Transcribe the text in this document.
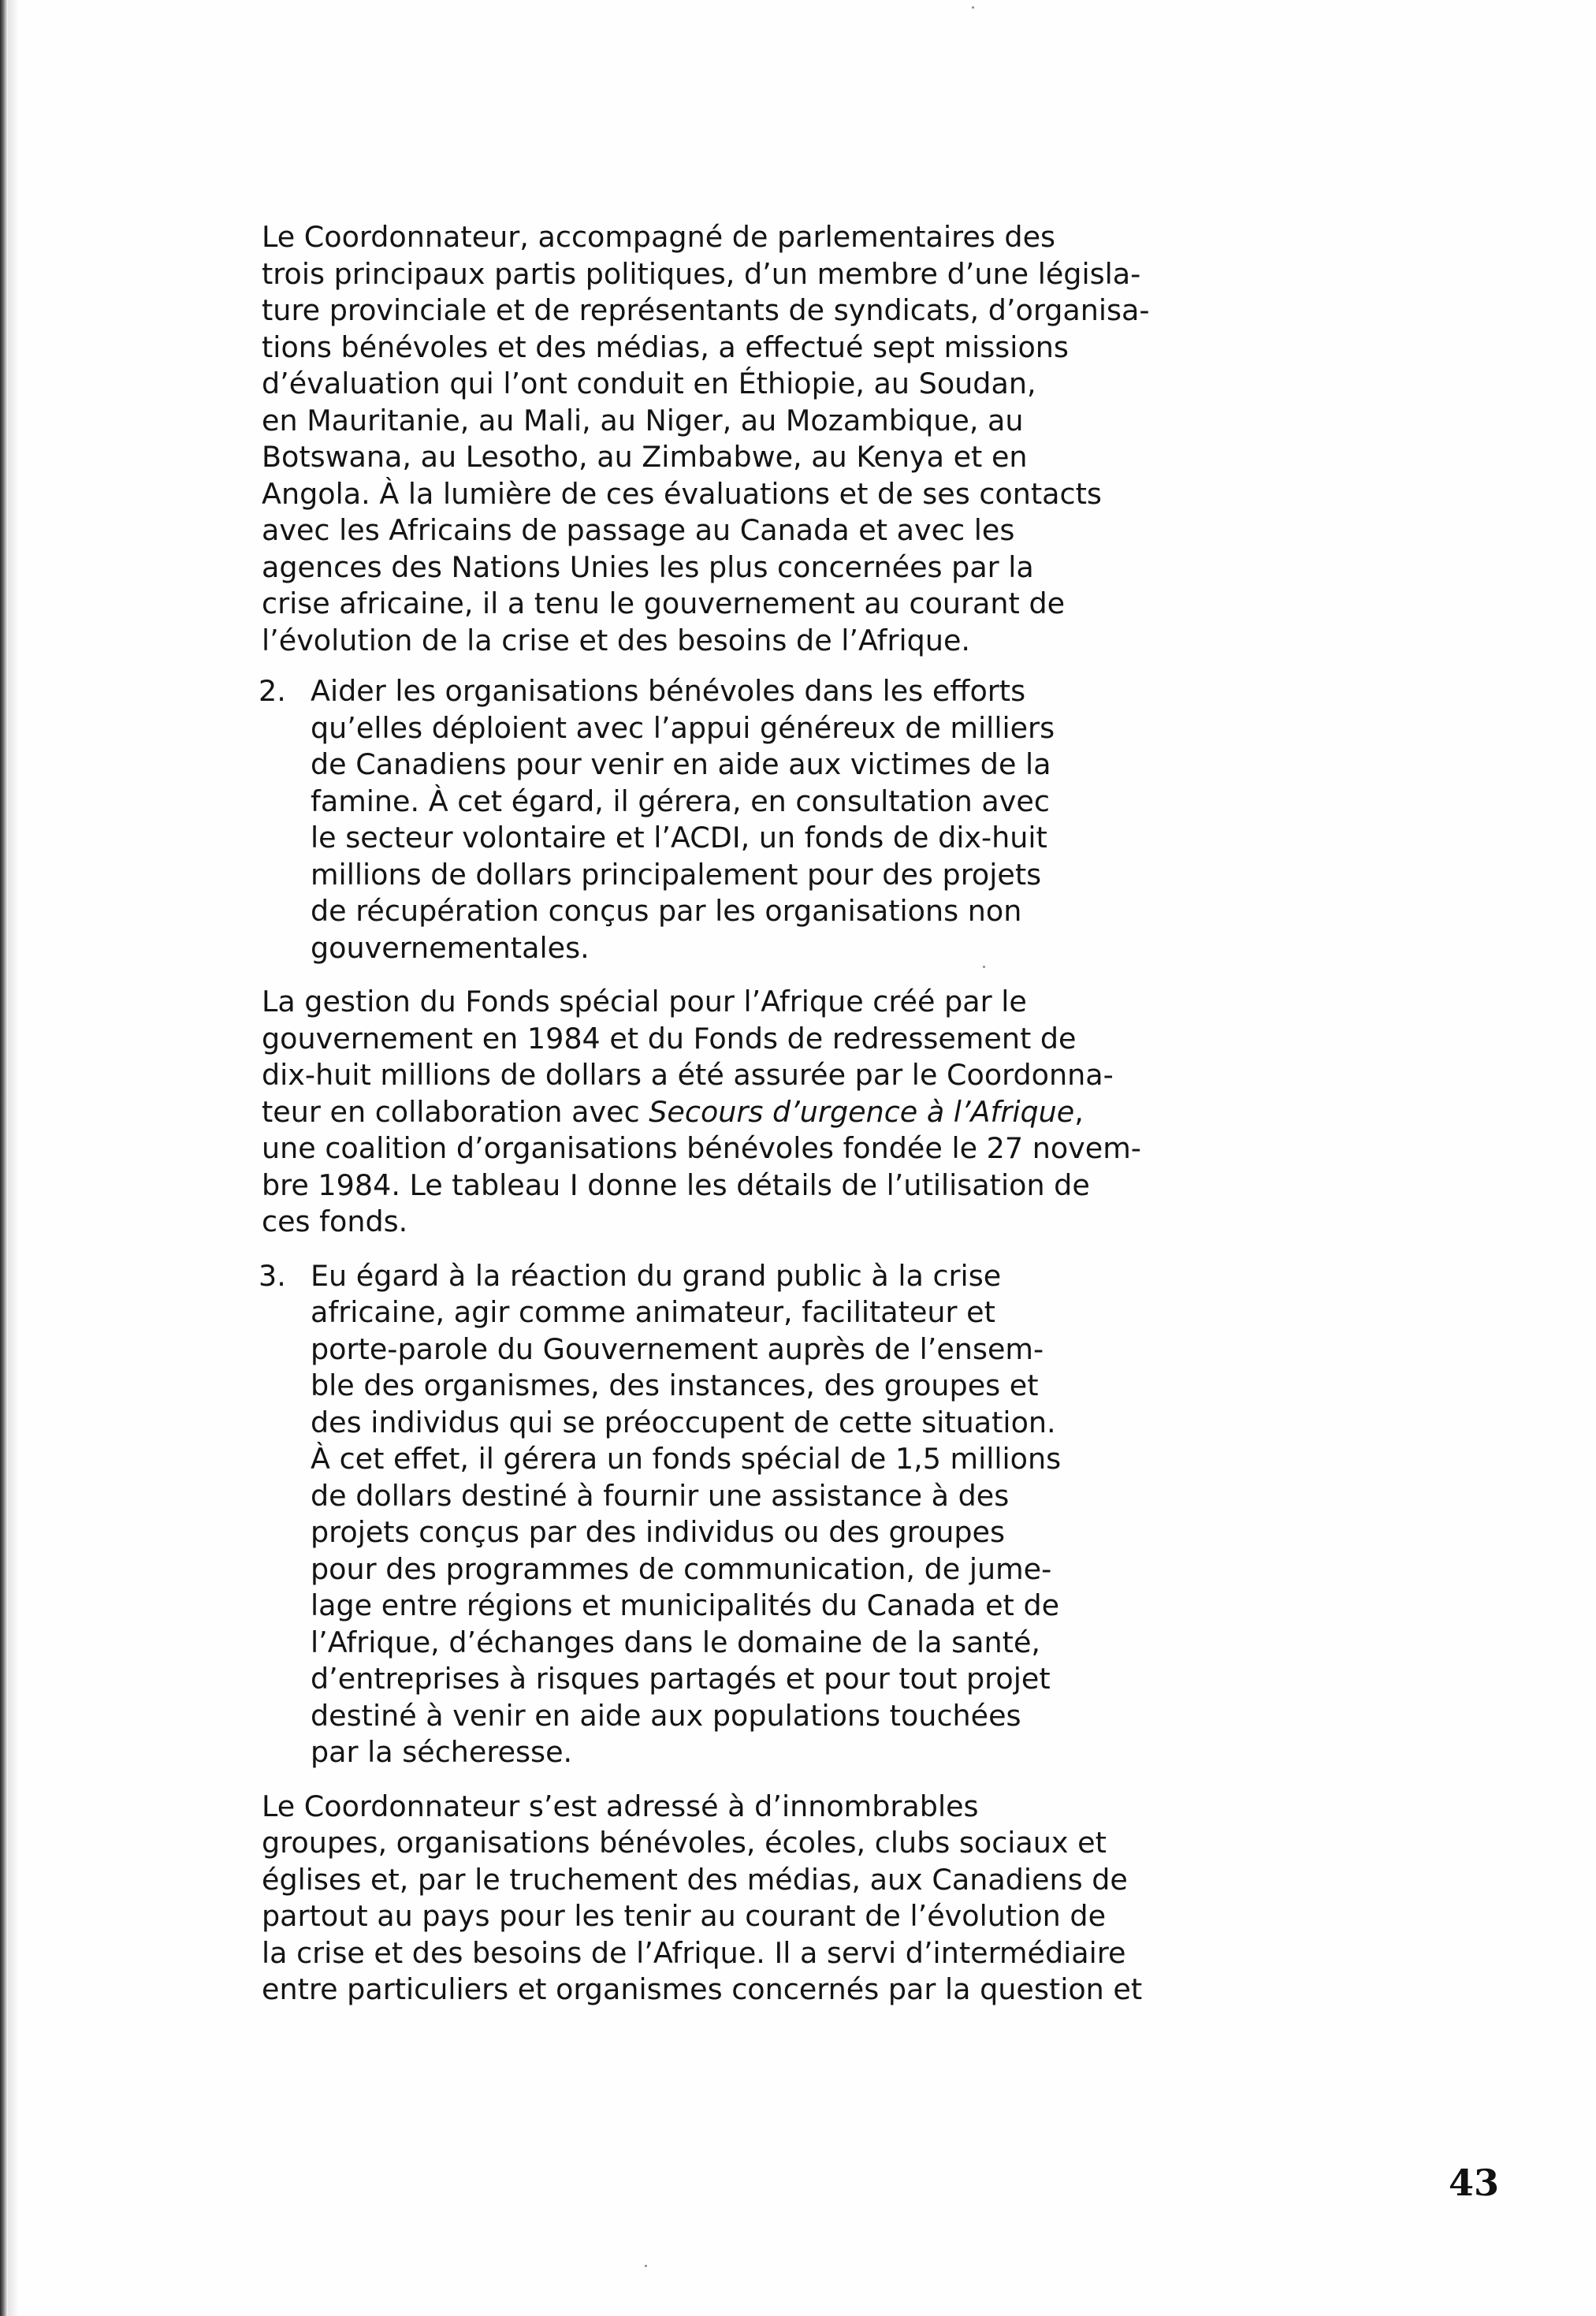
Le Coordonnateur, accompagné de parlementaires des
trois principaux partis politiques, d’un membre d’une législa-
ture provinciale et de représentants de syndicats, d’organisa-
tions bénévoles et des médias, a effectué sept missions
d’évaluation qui l’ont conduit en Éthiopie, au Soudan,
en Mauritanie, au Mali, au Niger, au Mozambique, au
Botswana, au Lesotho, au Zimbabwe, au Kenya et en
Angola. À la lumière de ces évaluations et de ses contacts
avec les Africains de passage au Canada et avec les
agences des Nations Unies les plus concernées par la
crise africaine, il a tenu le gouvernement au courant de
l’évolution de la crise et des besoins de l’Afrique.

2. Aider les organisations bénévoles dans les efforts
qu’elles déploient avec l’appui généreux de milliers
de Canadiens pour venir en aide aux victimes de la
famine. À cet égard, il gérera, en consultation avec
le secteur volontaire et l’ACDI, un fonds de dix-huit
millions de dollars principalement pour des projets
de récupération conçus par les organisations non
gouvernementales.

La gestion du Fonds spécial pour l’Afrique créé par le
gouvernement en 1984 et du Fonds de redressement de
dix-huit millions de dollars a été assurée par le Coordonna-
teur en collaboration avec Secours d’urgence à l’Afrique,
une coalition d’organisations bénévoles fondée le 27 novem-
bre 1984. Le tableau I donne les détails de l’utilisation de
ces fonds.

3. Eu égard à la réaction du grand public à la crise
africaine, agir comme animateur, facilitateur et
porte-parole du Gouvernement auprès de l’ensem-
ble des organismes, des instances, des groupes et
des individus qui se préoccupent de cette situation.
À cet effet, il gérera un fonds spécial de 1,5 millions
de dollars destiné à fournir une assistance à des
projets conçus par des individus ou des groupes
pour des programmes de communication, de jume-
lage entre régions et municipalités du Canada et de
l’Afrique, d’échanges dans le domaine de la santé,
d’entreprises à risques partagés et pour tout projet
destiné à venir en aide aux populations touchées
par la sécheresse.

Le Coordonnateur s’est adressé à d’innombrables
groupes, organisations bénévoles, écoles, clubs sociaux et
églises et, par le truchement des médias, aux Canadiens de
partout au pays pour les tenir au courant de l’évolution de
la crise et des besoins de l’Afrique. Il a servi d’intermédiaire
entre particuliers et organismes concernés par la question et

43
